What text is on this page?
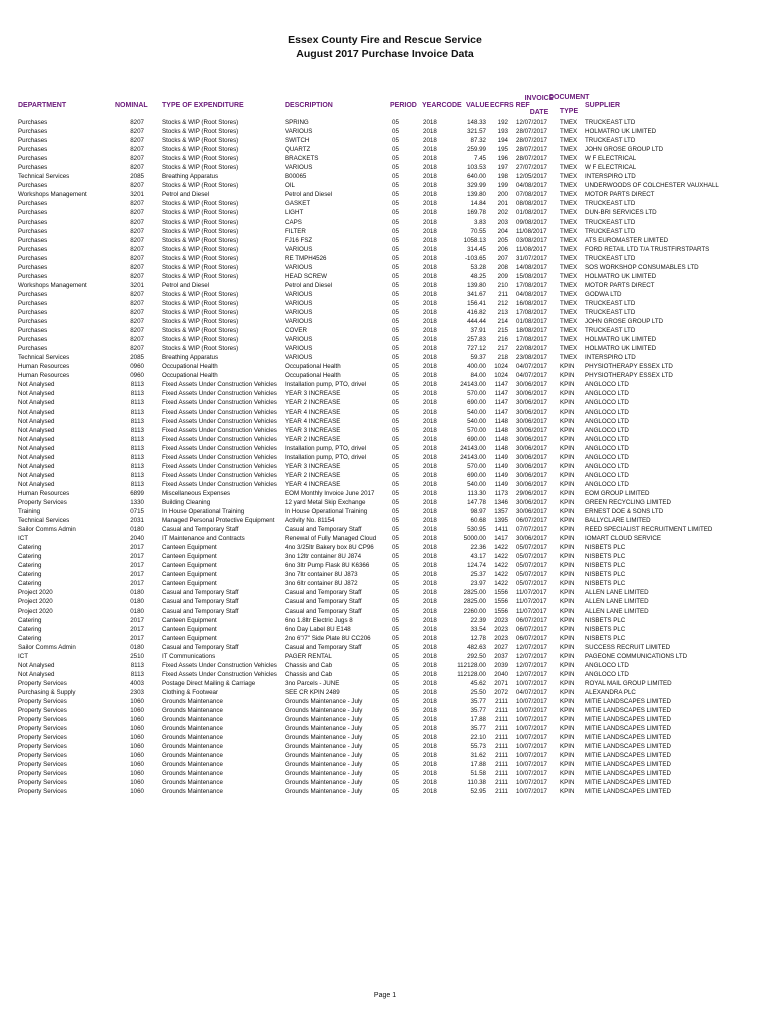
Essex County Fire and Rescue Service
August 2017 Purchase Invoice Data
DEPARTMENT	NOMINAL TYPE OF EXPENDITURE	DESCRIPTION	PERIOD YEARCODE VALUE ECFRS REF
INVOICE
DATE
DOCUMENT
TYPE
SUPPLIER
Purchases	8207	Stocks & WIP (Root Stores)	SPRING	05	2018	148.33	192 12/07/2017	TMEX	TRUCKEAST LTD
Purchases	8207	Stocks & WIP (Root Stores)	VARIOUS	05	2018	321.57	193 28/07/2017	TMEX	HOLMATRO UK LIMITED
Purchases	8207	Stocks & WIP (Root Stores)	SWITCH	05	2018	87.32	194 28/07/2017	TMEX	TRUCKEAST LTD
Purchases	8207	Stocks & WIP (Root Stores)	QUARTZ	05	2018	259.99	195 28/07/2017	TMEX	JOHN GROSE GROUP LTD
Purchases	8207	Stocks & WIP (Root Stores)	BRACKETS	05	2018	7.45	196 28/07/2017	TMEX	W F ELECTRICAL
Purchases	8207	Stocks & WIP (Root Stores)	VARIOUS	05	2018	103.53	197 27/07/2017	TMEX	W F ELECTRICAL
Technical Services	2085	Breathing Apparatus	B00065	05	2018	640.00	198 12/05/2017	TMEX	INTERSPIRO LTD
Purchases	8207	Stocks & WIP (Root Stores)	OIL	05	2018	329.99	199 04/08/2017	TMEX	UNDERWOODS OF COLCHESTER VAUXHALL
Workshops Management	3201	Petrol and Diesel	Petrol and Diesel	05	2018	139.80	200 07/08/2017	TMEX	MOTOR PARTS DIRECT
Purchases	8207	Stocks & WIP (Root Stores)	GASKET	05	2018	14.84	201 08/08/2017	TMEX	TRUCKEAST LTD
Purchases	8207	Stocks & WIP (Root Stores)	LIGHT	05	2018	169.78	202 01/08/2017	TMEX	DUN-BRI SERVICES LTD
Purchases	8207	Stocks & WIP (Root Stores)	CAPS	05	2018	3.83	203 09/08/2017	TMEX	TRUCKEAST LTD
Purchases	8207	Stocks & WIP (Root Stores)	FILTER	05	2018	70.55	204 11/08/2017	TMEX	TRUCKEAST LTD
Purchases	8207	Stocks & WIP (Root Stores)	FJ16 FSZ	05	2018	1058.13	205 03/08/2017	TMEX	ATS EUROMASTER LIMITED
Purchases	8207	Stocks & WIP (Root Stores)	VARIOUS	05	2018	314.45	206 11/08/2017	TMEX	FORD RETAIL LTD T/A TRUSTFIRSTPARTS
Purchases	8207	Stocks & WIP (Root Stores)	RE TMPH4526	05	2018	-103.65	207 31/07/2017	TMEX	TRUCKEAST LTD
Purchases	8207	Stocks & WIP (Root Stores)	VARIOUS	05	2018	53.28	208 14/08/2017	TMEX	SOS WORKSHOP CONSUMABLES LTD
Purchases	8207	Stocks & WIP (Root Stores)	HEAD SCREW	05	2018	48.25	209 15/08/2017	TMEX	HOLMATRO UK LIMITED
Workshops Management	3201	Petrol and Diesel	Petrol and Diesel	05	2018	139.80	210 17/08/2017	TMEX	MOTOR PARTS DIRECT
Purchases	8207	Stocks & WIP (Root Stores)	VARIOUS	05	2018	341.67	211 04/08/2017	TMEX	GODWA LTD
Purchases	8207	Stocks & WIP (Root Stores)	VARIOUS	05	2018	156.41	212 16/08/2017	TMEX	TRUCKEAST LTD
Purchases	8207	Stocks & WIP (Root Stores)	VARIOUS	05	2018	416.82	213 17/08/2017	TMEX	TRUCKEAST LTD
Purchases	8207	Stocks & WIP (Root Stores)	VARIOUS	05	2018	444.44	214 01/08/2017	TMEX	JOHN GROSE GROUP LTD
Purchases	8207	Stocks & WIP (Root Stores)	COVER	05	2018	37.91	215 18/08/2017	TMEX	TRUCKEAST LTD
Purchases	8207	Stocks & WIP (Root Stores)	VARIOUS	05	2018	257.83	216 17/08/2017	TMEX	HOLMATRO UK LIMITED
Purchases	8207	Stocks & WIP (Root Stores)	VARIOUS	05	2018	727.12	217 22/08/2017	TMEX	HOLMATRO UK LIMITED
Technical Services	2085	Breathing Apparatus	VARIOUS	05	2018	59.37	218 23/08/2017	TMEX	INTERSPIRO LTD
Human Resources	0960	Occupational Health	Occupational Health	05	2018	400.00	1024 04/07/2017	KPIN	PHYSIOTHERAPY ESSEX LTD
Human Resources	0960	Occupational Health	Occupational Health	05	2018	84.00	1024 04/07/2017	KPIN	PHYSIOTHERAPY ESSEX LTD
Not Analysed	8113	Fixed Assets Under Construction Vehicles	Installation pump, PTO, drivel	05	2018	24143.00	1147 30/06/2017	KPIN	ANGLOCO LTD
Not Analysed	8113	Fixed Assets Under Construction Vehicles	YEAR 3 INCREASE	05	2018	570.00	1147 30/06/2017	KPIN	ANGLOCO LTD
Not Analysed	8113	Fixed Assets Under Construction Vehicles	YEAR 2 INCREASE	05	2018	690.00	1147 30/06/2017	KPIN	ANGLOCO LTD
Not Analysed	8113	Fixed Assets Under Construction Vehicles	YEAR 4 INCREASE	05	2018	540.00	1147 30/06/2017	KPIN	ANGLOCO LTD
Not Analysed	8113	Fixed Assets Under Construction Vehicles	YEAR 4 INCREASE	05	2018	540.00	1148 30/06/2017	KPIN	ANGLOCO LTD
Not Analysed	8113	Fixed Assets Under Construction Vehicles	YEAR 3 INCREASE	05	2018	570.00	1148 30/06/2017	KPIN	ANGLOCO LTD
Not Analysed	8113	Fixed Assets Under Construction Vehicles	YEAR 2 INCREASE	05	2018	690.00	1148 30/06/2017	KPIN	ANGLOCO LTD
Not Analysed	8113	Fixed Assets Under Construction Vehicles	Installation pump, PTO, drivel	05	2018	24143.00	1148 30/06/2017	KPIN	ANGLOCO LTD
Not Analysed	8113	Fixed Assets Under Construction Vehicles	Installation pump, PTO, drivel	05	2018	24143.00	1149 30/06/2017	KPIN	ANGLOCO LTD
Not Analysed	8113	Fixed Assets Under Construction Vehicles	YEAR 3 INCREASE	05	2018	570.00	1149 30/06/2017	KPIN	ANGLOCO LTD
Not Analysed	8113	Fixed Assets Under Construction Vehicles	YEAR 2 INCREASE	05	2018	690.00	1149 30/06/2017	KPIN	ANGLOCO LTD
Not Analysed	8113	Fixed Assets Under Construction Vehicles	YEAR 4 INCREASE	05	2018	540.00	1149 30/06/2017	KPIN	ANGLOCO LTD
Human Resources	6899	Miscellaneous Expenses	EOM Monthly Invoice June 2017	05	2018	113.30	1173 29/06/2017	KPIN	EOM GROUP LIMITED
Property Services	1330	Building Cleaning	12 yard Metal Skip Exchange	05	2018	147.78	1346 30/06/2017	KPIN	GREEN RECYCLING LIMITED
Training	0715	In House Operational Training	In House Operational Training	05	2018	98.97	1357 30/06/2017	KPIN	ERNEST DOE & SONS LTD
Technical Services	2031	Managed Personal Protective Equipment	Activity No. 81154	05	2018	60.68	1395 06/07/2017	KPIN	BALLYCLARE LIMITED
Sailor Comms Admin	0180	Casual and Temporary Staff	Casual and Temporary Staff	05	2018	530.95	1411 07/07/2017	KPIN	REED SPECIALIST RECRUITMENT LIMITED
ICT	2040	IT Maintenance and Contracts	Renewal of Fully Managed Cloud	05	2018	5000.00	1417 30/06/2017	KPIN	IOMART CLOUD SERVICE
Catering	2017	Canteen Equipment	4no 3/25ltr Bakery box 8U CP96	05	2018	22.36	1422 05/07/2017	KPIN	NISBETS PLC
Catering	2017	Canteen Equipment	3no 12ltr container 8U J874	05	2018	43.17	1422 05/07/2017	KPIN	NISBETS PLC
Catering	2017	Canteen Equipment	6no 3ltr Pump Flask 8U K6366	05	2018	124.74	1422 05/07/2017	KPIN	NISBETS PLC
Catering	2017	Canteen Equipment	3no 7ltr container 8U J873	05	2018	25.37	1422 05/07/2017	KPIN	NISBETS PLC
Catering	2017	Canteen Equipment	3no 6ltr container 8U J872	05	2018	23.97	1422 05/07/2017	KPIN	NISBETS PLC
Project 2020	0180	Casual and Temporary Staff	Casual and Temporary Staff	05	2018	2825.00	1556 11/07/2017	KPIN	ALLEN LANE LIMITED
Project 2020	0180	Casual and Temporary Staff	Casual and Temporary Staff	05	2018	2825.00	1556 11/07/2017	KPIN	ALLEN LANE LIMITED
Project 2020	0180	Casual and Temporary Staff	Casual and Temporary Staff	05	2018	2260.00	1556 11/07/2017	KPIN	ALLEN LANE LIMITED
Catering	2017	Canteen Equipment	6no 1.8ltr Electric Jugs 8	05	2018	22.39	2023 06/07/2017	KPIN	NISBETS PLC
Catering	2017	Canteen Equipment	6no Day Label 8U E148	05	2018	33.54	2023 06/07/2017	KPIN	NISBETS PLC
Catering	2017	Canteen Equipment	2no 6"/7" Side Plate 8U CC206	05	2018	12.78	2023 06/07/2017	KPIN	NISBETS PLC
Sailor Comms Admin	0180	Casual and Temporary Staff	Casual and Temporary Staff	05	2018	482.63	2027 12/07/2017	KPIN	SUCCESS RECRUIT LIMITED
ICT	2510	IT Communications	PAGER RENTAL	05	2018	292.50	2037 12/07/2017	KPIN	PAGEONE COMMUNICATIONS LTD
Not Analysed	8113	Fixed Assets Under Construction Vehicles	Chassis and Cab	05	2018	112128.00	2039 12/07/2017	KPIN	ANGLOCO LTD
Not Analysed	8113	Fixed Assets Under Construction Vehicles	Chassis and Cab	05	2018	112128.00	2040 12/07/2017	KPIN	ANGLOCO LTD
Property Services	4003	Postage Direct Mailing & Carriage	3no Parcels - JUNE	05	2018	45.62	2071 10/07/2017	KPIN	ROYAL MAIL GROUP LIMITED
Purchasing & Supply	2303	Clothing & Footwear	SEE CR KPIN 2489	05	2018	25.50	2072 04/07/2017	KPIN	ALEXANDRA PLC
Property Services	1060	Grounds Maintenance	Grounds Maintenance - July	05	2018	35.77	2111 10/07/2017	KPIN	MITIE LANDSCAPES LIMITED
Property Services	1060	Grounds Maintenance	Grounds Maintenance - July	05	2018	35.77	2111 10/07/2017	KPIN	MITIE LANDSCAPES LIMITED
Property Services	1060	Grounds Maintenance	Grounds Maintenance - July	05	2018	17.88	2111 10/07/2017	KPIN	MITIE LANDSCAPES LIMITED
Property Services	1060	Grounds Maintenance	Grounds Maintenance - July	05	2018	35.77	2111 10/07/2017	KPIN	MITIE LANDSCAPES LIMITED
Property Services	1060	Grounds Maintenance	Grounds Maintenance - July	05	2018	22.10	2111 10/07/2017	KPIN	MITIE LANDSCAPES LIMITED
Property Services	1060	Grounds Maintenance	Grounds Maintenance - July	05	2018	55.73	2111 10/07/2017	KPIN	MITIE LANDSCAPES LIMITED
Property Services	1060	Grounds Maintenance	Grounds Maintenance - July	05	2018	31.62	2111 10/07/2017	KPIN	MITIE LANDSCAPES LIMITED
Property Services	1060	Grounds Maintenance	Grounds Maintenance - July	05	2018	17.88	2111 10/07/2017	KPIN	MITIE LANDSCAPES LIMITED
Property Services	1060	Grounds Maintenance	Grounds Maintenance - July	05	2018	51.58	2111 10/07/2017	KPIN	MITIE LANDSCAPES LIMITED
Property Services	1060	Grounds Maintenance	Grounds Maintenance - July	05	2018	110.38	2111 10/07/2017	KPIN	MITIE LANDSCAPES LIMITED
Property Services	1060	Grounds Maintenance	Grounds Maintenance - July	05	2018	52.95	2111 10/07/2017	KPIN	MITIE LANDSCAPES LIMITED
Page 1
